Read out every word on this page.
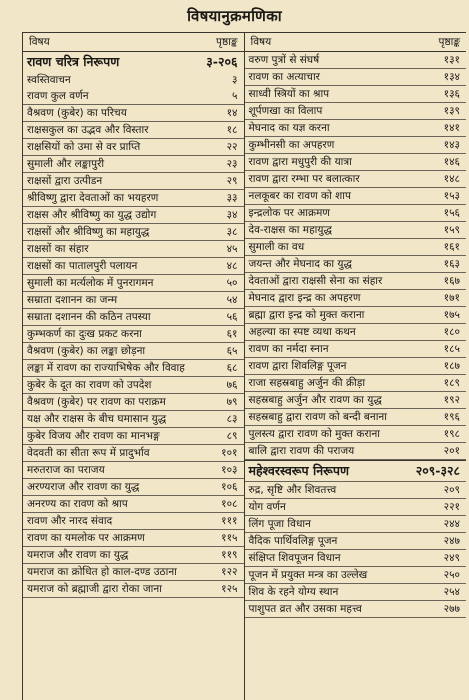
विषयानुक्रमणिका
विषय	पृष्ठाङ्क
रावण चरित्र निरूपण	३-२०६
स्वस्तिवाचन	३
रावण कुल वर्णन	५
वैश्रवण (कुबेर) का परिचय	१४
राक्षसकुल का उद्भव और विस्तार	१८
राक्षसियों को उमा से वर प्राप्ति	२२
सुमाली और लङ्कापुरी	२३
राक्षसों द्वारा उत्पीडन	२९
श्रीविष्णु द्वारा देवताओं का भयहरण	३३
राक्षस और श्रीविष्णु का युद्ध उद्योग	३४
राक्षसों और श्रीविष्णु का महायुद्ध	३८
राक्षसों का संहार	४५
राक्षसों का पातालपुरी पलायन	४८
सुमाली का मर्त्यलोक में पुनरागमन	५०
सम्राता दशानन का जन्म	५४
सम्राता दशानन की कठिन तपस्या	५६
कुम्भकर्ण का दुःख प्रकट करना	६१
वैश्रवण (कुबेर) का लङ्का छोड़ना	६५
लङ्का में रावण का राज्याभिषेक और विवाह	६८
कुबेर के दूत का रावण को उपदेश	७६
वैश्रवण (कुबेर) पर रावण का पराक्रम	७९
यक्ष और राक्षस के बीच घमासान युद्ध	८३
कुबेर विजय और रावण का मानभङ्ग	८९
वेदवती का सीता रूप में प्रादुर्भाव	१०१
मरुतराज का पराजय	१०३
अरण्यराज और रावण का युद्ध	१०६
अनरण्य का रावण को श्राप	१०८
रावण और नारद संवाद	१११
रावण का यमलोक पर आक्रमण	११५
यमराज और रावण का युद्ध	११९
यमराज का क्रोधित हो काल-दण्ड उठाना	१२२
यमराज को ब्रह्माजी द्वारा रोका जाना	१२५
विषय	पृष्ठाङ्क
वरुण पुत्रों से संघर्ष	१३१
रावण का अत्याचार	१३४
साध्वी स्त्रियों का श्राप	१३६
शूर्पणखा का विलाप	१३९
मेघनाद का यज्ञ करना	१४१
कुम्भीनसी का अपहरण	१४३
रावण द्वारा मधुपुरी की यात्रा	१४६
रावण द्वारा रम्भा पर बलात्कार	१४८
नलकूबर का रावण को शाप	१५३
इन्द्रलोक पर आक्रमण	१५६
देव-राक्षस का महायुद्ध	१५९
सुमाली का वध	१६१
जयन्त और मेघनाद का युद्ध	१६३
देवताओं द्वारा राक्षसी सेना का संहार	१६७
मेघनाद द्वारा इन्द्र का अपहरण	१७१
ब्रह्मा द्वारा इन्द्र को मुक्त कराना	१७५
अहल्या का स्पष्ट व्यथा कथन	१८०
रावण का नर्मदा स्नान	१८५
रावण द्वारा शिवलिङ्ग पूजन	१८७
राजा सहस्रबाहु अर्जुन की क्रीड़ा	१८९
सहस्रबाहु अर्जुन और रावण का युद्ध	१९२
सहस्रबाहु द्वारा रावण को बन्दी बनाना	१९६
पुलस्त्य द्वारा रावण को मुक्त कराना	१९८
बालि द्वारा रावण की पराजय	२०१
महेश्वरस्वरूप निरूपण	२०९-३२८
रुद्र, सृष्टि और शिवतत्त्व	२०९
योग वर्णन	२२१
लिंग पूजा विधान	२४४
वैदिक पार्थिवलिङ्ग पूजन	२४७
संक्षिप्त शिवपूजन विधान	२४९
पूजन में प्रयुक्त मन्त्र का उल्लेख	२५०
शिव के रहने योग्य स्थान	२५४
पाशुपत व्रत और उसका महत्त्व	२७७
